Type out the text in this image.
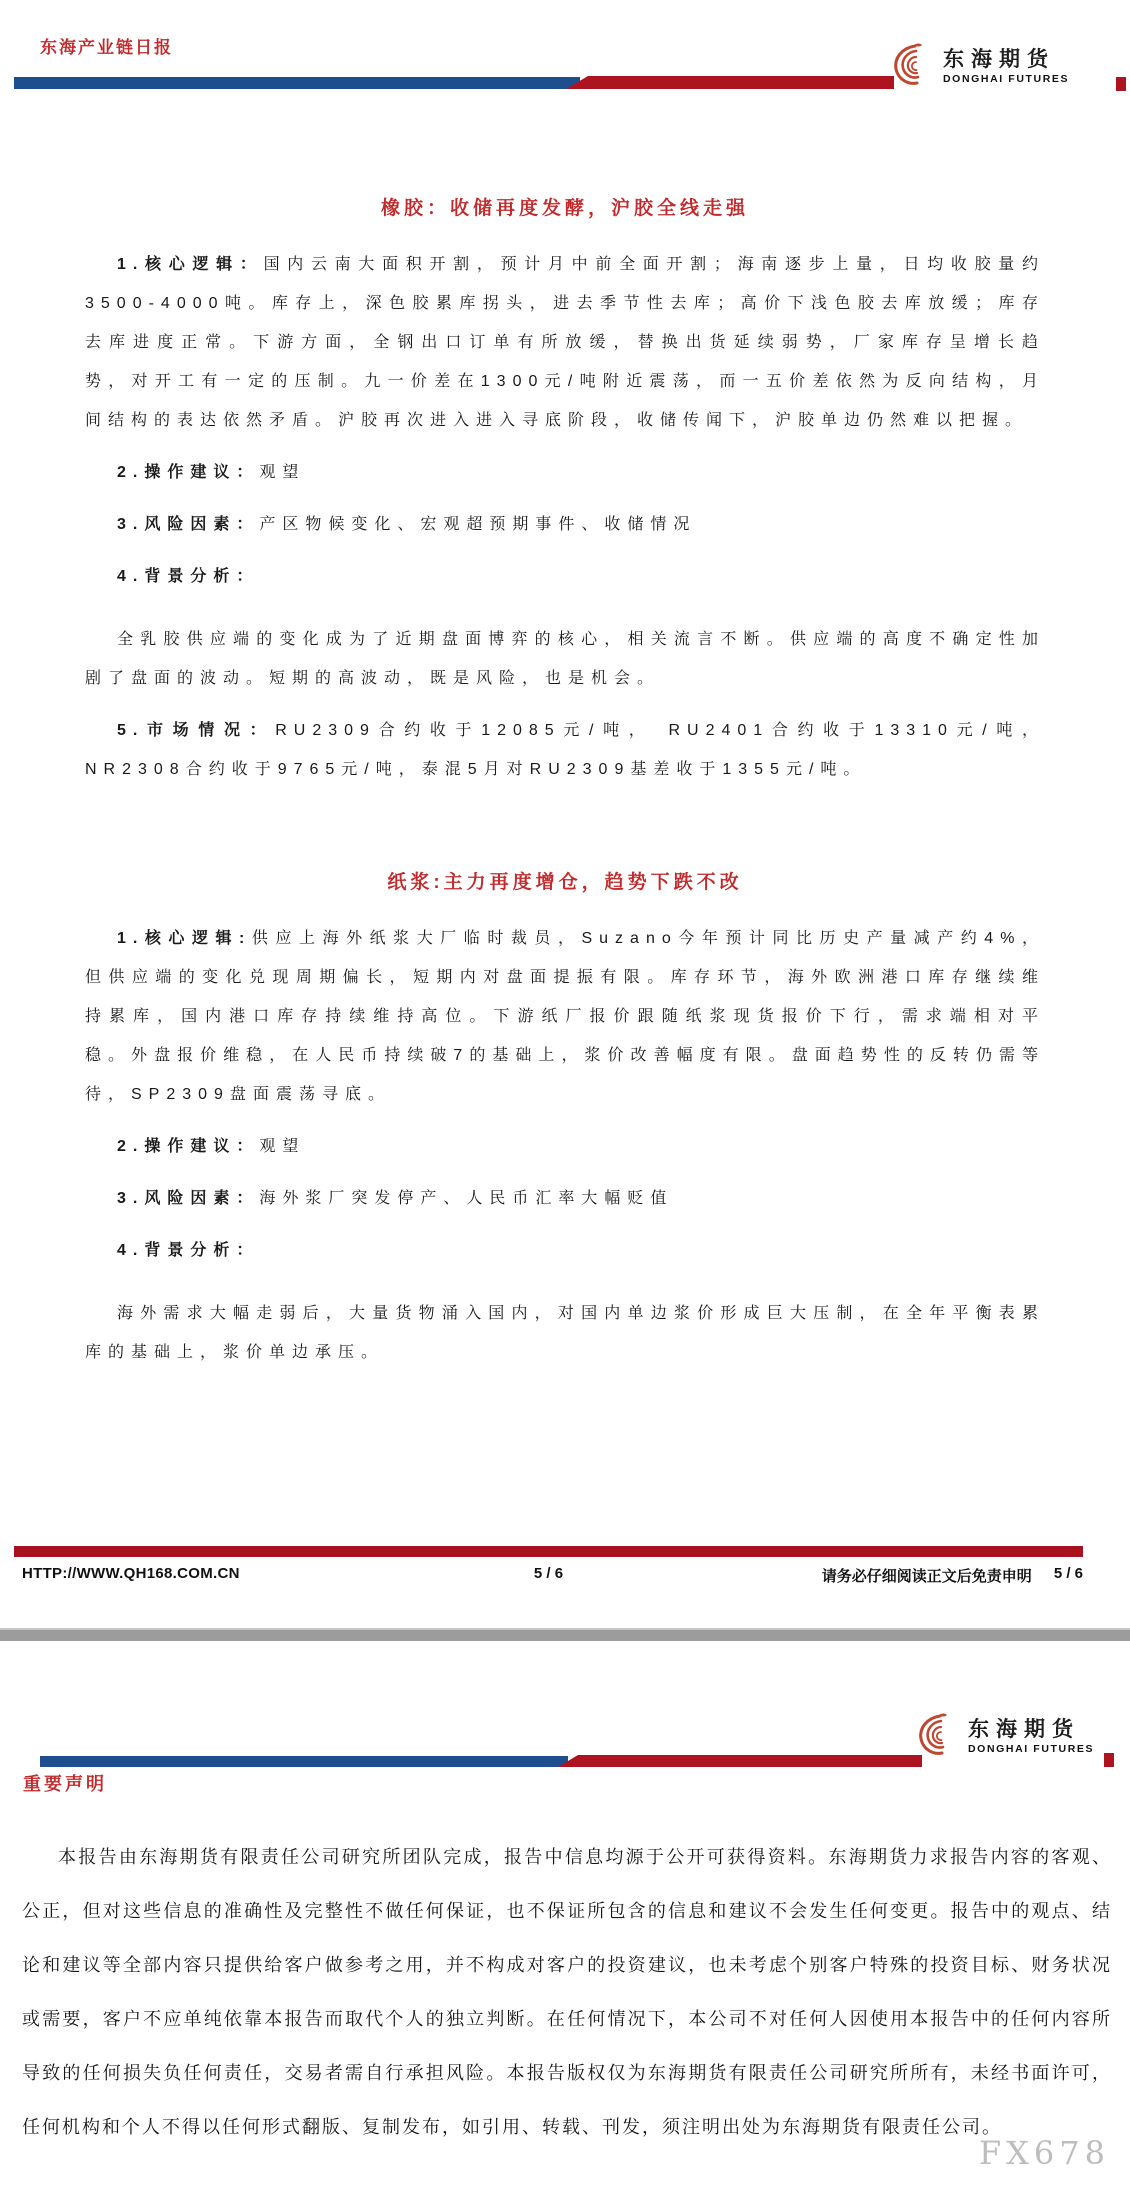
东海产业链日报
东海期货
DONGHAI FUTURES
橡胶：收储再度发酵，沪胶全线走强

1.核心逻辑：国内云南大面积开割，预计月中前全面开割；海南逐步上量，日均收胶量约3500-4000吨。库存上，深色胶累库拐头，进去季节性去库；高价下浅色胶去库放缓；库存去库进度正常。下游方面，全钢出口订单有所放缓，替换出货延续弱势，厂家库存呈增长趋势，对开工有一定的压制。九一价差在1300元/吨附近震荡，而一五价差依然为反向结构，月间结构的表达依然矛盾。沪胶再次进入进入寻底阶段，收储传闻下，沪胶单边仍然难以把握。

2.操作建议：观望

3.风险因素：产区物候变化、宏观超预期事件、收储情况

4.背景分析：

全乳胶供应端的变化成为了近期盘面博弈的核心，相关流言不断。供应端的高度不确定性加剧了盘面的波动。短期的高波动，既是风险，也是机会。

5.市场情况：RU2309合约收于12085元/吨， RU2401合约收于13310元/吨，NR2308合约收于9765元/吨，泰混5月对RU2309基差收于1355元/吨。

纸浆:主力再度增仓，趋势下跌不改

1.核心逻辑:供应上海外纸浆大厂临时裁员，Suzano今年预计同比历史产量减产约4%，但供应端的变化兑现周期偏长，短期内对盘面提振有限。库存环节，海外欧洲港口库存继续维持累库，国内港口库存持续维持高位。下游纸厂报价跟随纸浆现货报价下行，需求端相对平稳。外盘报价维稳，在人民币持续破7的基础上，浆价改善幅度有限。盘面趋势性的反转仍需等待，SP2309盘面震荡寻底。

2.操作建议：观望

3.风险因素：海外浆厂突发停产、人民币汇率大幅贬值

4.背景分析：

海外需求大幅走弱后，大量货物涌入国内，对国内单边浆价形成巨大压制，在全年平衡表累库的基础上，浆价单边承压。

HTTP://WWW.QH168.COM.CN	5 / 6	请务必仔细阅读正文后免责申明 5 / 6
东海期货
DONGHAI FUTURES
重要声明

本报告由东海期货有限责任公司研究所团队完成，报告中信息均源于公开可获得资料。东海期货力求报告内容的客观、公正，但对这些信息的准确性及完整性不做任何保证，也不保证所包含的信息和建议不会发生任何变更。报告中的观点、结论和建议等全部内容只提供给客户做参考之用，并不构成对客户的投资建议，也未考虑个别客户特殊的投资目标、财务状况或需要，客户不应单纯依靠本报告而取代个人的独立判断。在任何情况下，本公司不对任何人因使用本报告中的任何内容所导致的任何损失负任何责任，交易者需自行承担风险。本报告版权仅为东海期货有限责任公司研究所所有，未经书面许可，任何机构和个人不得以任何形式翻版、复制发布，如引用、转载、刊发，须注明出处为东海期货有限责任公司。

FX678
